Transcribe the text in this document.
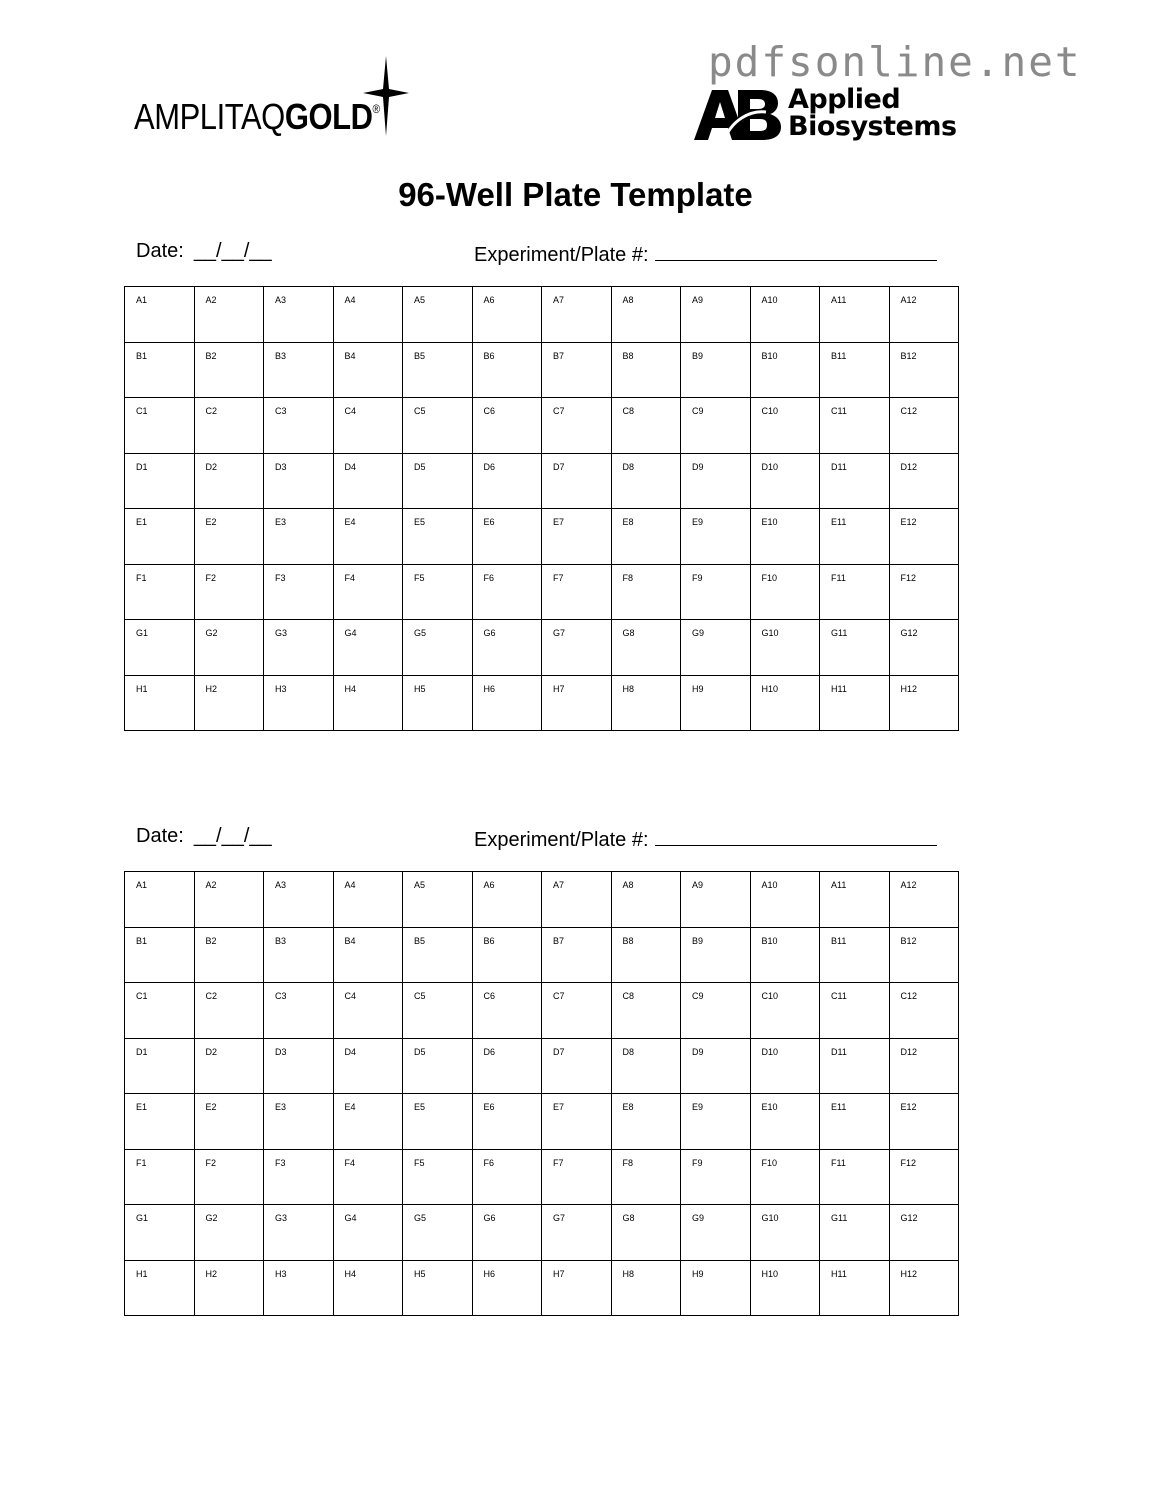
pdfsonline.net
AMPLITAQGOLD®	Applied
Biosystems
96-Well Plate Template
Date: __/__/__	Experiment/Plate #:
A1	A2	A3	A4	A5	A6	A7	A8	A9	A10	A11	A12
B1	B2	B3	B4	B5	B6	B7	B8	B9	B10	B11	B12
C1	C2	C3	C4	C5	C6	C7	C8	C9	C10	C11	C12
D1	D2	D3	D4	D5	D6	D7	D8	D9	D10	D11	D12
E1	E2	E3	E4	E5	E6	E7	E8	E9	E10	E11	E12
F1	F2	F3	F4	F5	F6	F7	F8	F9	F10	F11	F12
G1	G2	G3	G4	G5	G6	G7	G8	G9	G10	G11	G12
H1	H2	H3	H4	H5	H6	H7	H8	H9	H10	H11	H12
Date: __/__/__	Experiment/Plate #:
A1	A2	A3	A4	A5	A6	A7	A8	A9	A10	A11	A12
B1	B2	B3	B4	B5	B6	B7	B8	B9	B10	B11	B12
C1	C2	C3	C4	C5	C6	C7	C8	C9	C10	C11	C12
D1	D2	D3	D4	D5	D6	D7	D8	D9	D10	D11	D12
E1	E2	E3	E4	E5	E6	E7	E8	E9	E10	E11	E12
F1	F2	F3	F4	F5	F6	F7	F8	F9	F10	F11	F12
G1	G2	G3	G4	G5	G6	G7	G8	G9	G10	G11	G12
H1	H2	H3	H4	H5	H6	H7	H8	H9	H10	H11	H12
